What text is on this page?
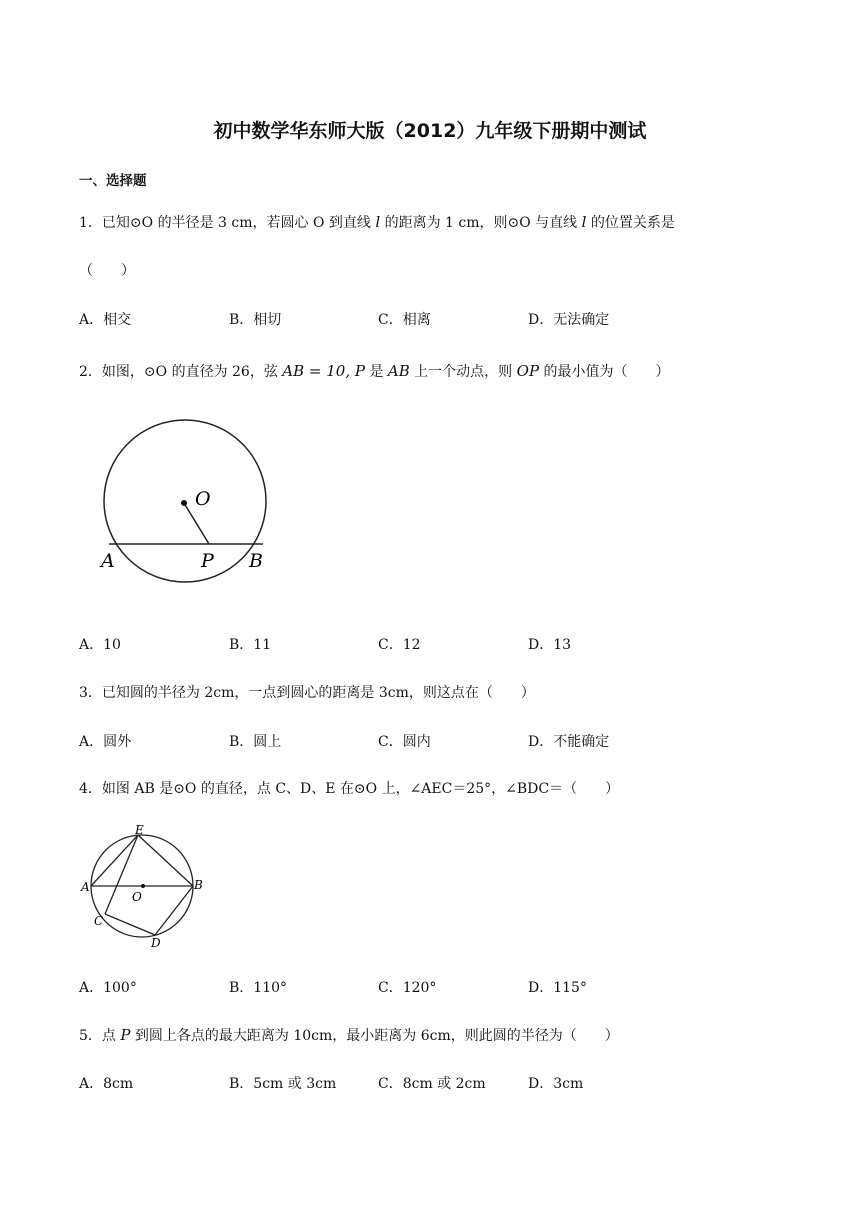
初中数学华东师大版（2012）九年级下册期中测试
一、选择题
1．已知⊙O 的半径是 3 cm，若圆心 O 到直线 l 的距离为 1 cm，则⊙O 与直线 l 的位置关系是
（　　）
A．相交	B．相切	C．相离	D．无法确定
2．如图，⊙O 的直径为 26，弦 AB = 10, P 是 AB 上一个动点，则 OP 的最小值为（　　）
O
A	P B
A．10	B．11	C．12	D．13
3．已知圆的半径为 2cm，一点到圆心的距离是 3cm，则这点在（　　）
A．圆外	B．圆上	C．圆内	D．不能确定
4．如图 AB 是⊙O 的直径，点 C、D、E 在⊙O 上，∠AEC＝25°，∠BDC＝（　　）
E
A
O
B
C
D
A．100°	B．110°	C．120°	D．115°
5．点 P 到圆上各点的最大距离为 10cm，最小距离为 6cm，则此圆的半径为（　　）
A．8cm	B．5cm 或 3cm	C．8cm 或 2cm	D．3cm
